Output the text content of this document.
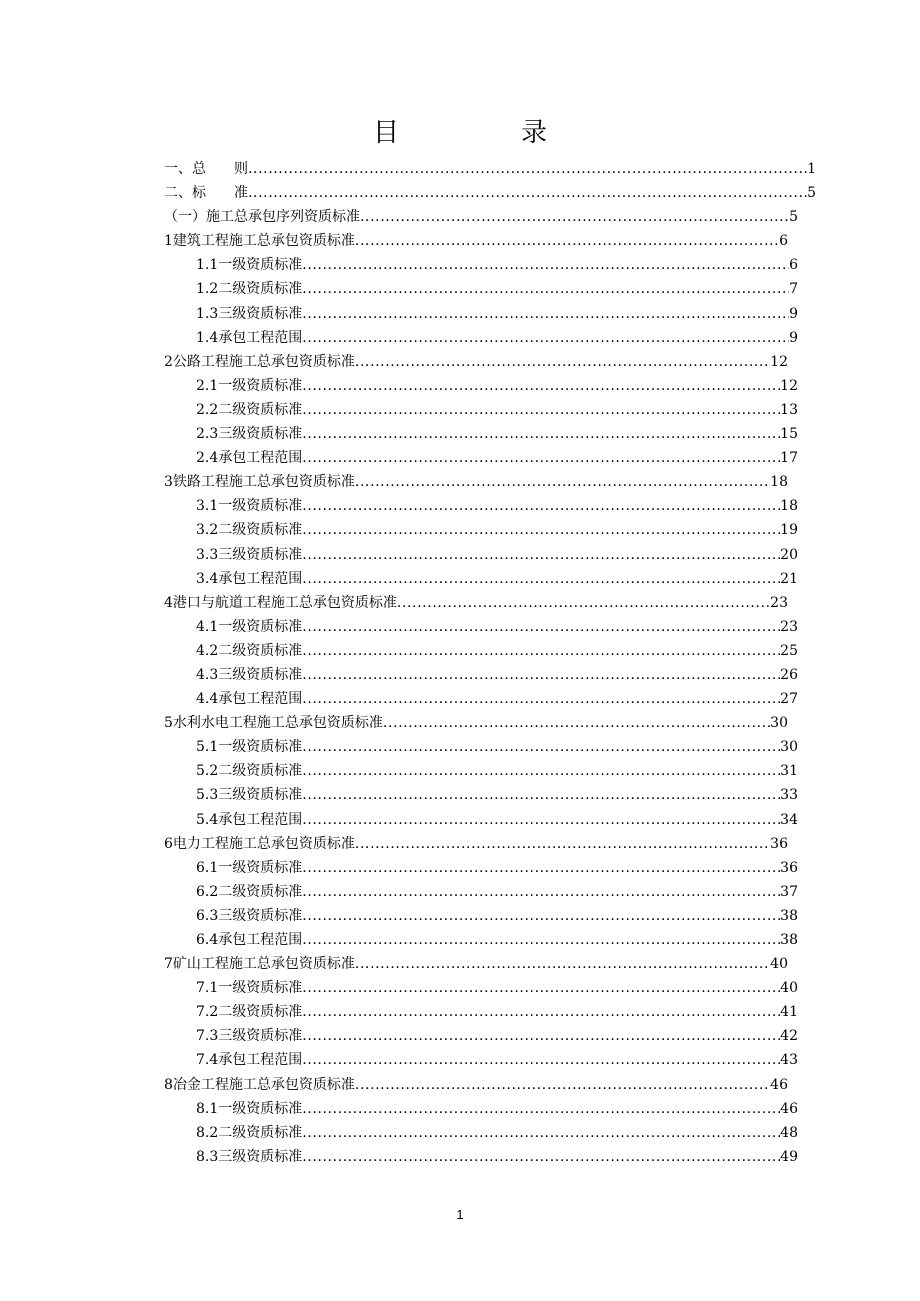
目　录
一、总　　则 .....	1
二、标　　准 .....	5
（一）施工总承包序列资质标准 .....	5
1建筑工程施工总承包资质标准 .....	6
1.1一级资质标准 .....	6
1.2二级资质标准 .....	7
1.3三级资质标准 .....	9
1.4承包工程范围 .....	9
2公路工程施工总承包资质标准 .....	12
2.1一级资质标准 .....	12
2.2二级资质标准 .....	13
2.3三级资质标准 .....	15
2.4承包工程范围 .....	17
3铁路工程施工总承包资质标准 .....	18
3.1一级资质标准 .....	18
3.2二级资质标准 .....	19
3.3三级资质标准 .....	20
3.4承包工程范围 .....	21
4港口与航道工程施工总承包资质标准 .....	23
4.1一级资质标准 .....	23
4.2二级资质标准 .....	25
4.3三级资质标准 .....	26
4.4承包工程范围 .....	27
5水利水电工程施工总承包资质标准 .....	30
5.1一级资质标准 .....	30
5.2二级资质标准 .....	31
5.3三级资质标准 .....	33
5.4承包工程范围 .....	34
6电力工程施工总承包资质标准 .....	36
6.1一级资质标准 .....	36
6.2二级资质标准 .....	37
6.3三级资质标准 .....	38
6.4承包工程范围 .....	38
7矿山工程施工总承包资质标准 .....	40
7.1一级资质标准 .....	40
7.2二级资质标准 .....	41
7.3三级资质标准 .....	42
7.4承包工程范围 .....	43
8冶金工程施工总承包资质标准 .....	46
8.1一级资质标准 .....	46
8.2二级资质标准 .....	48
8.3三级资质标准 .....	49
1
